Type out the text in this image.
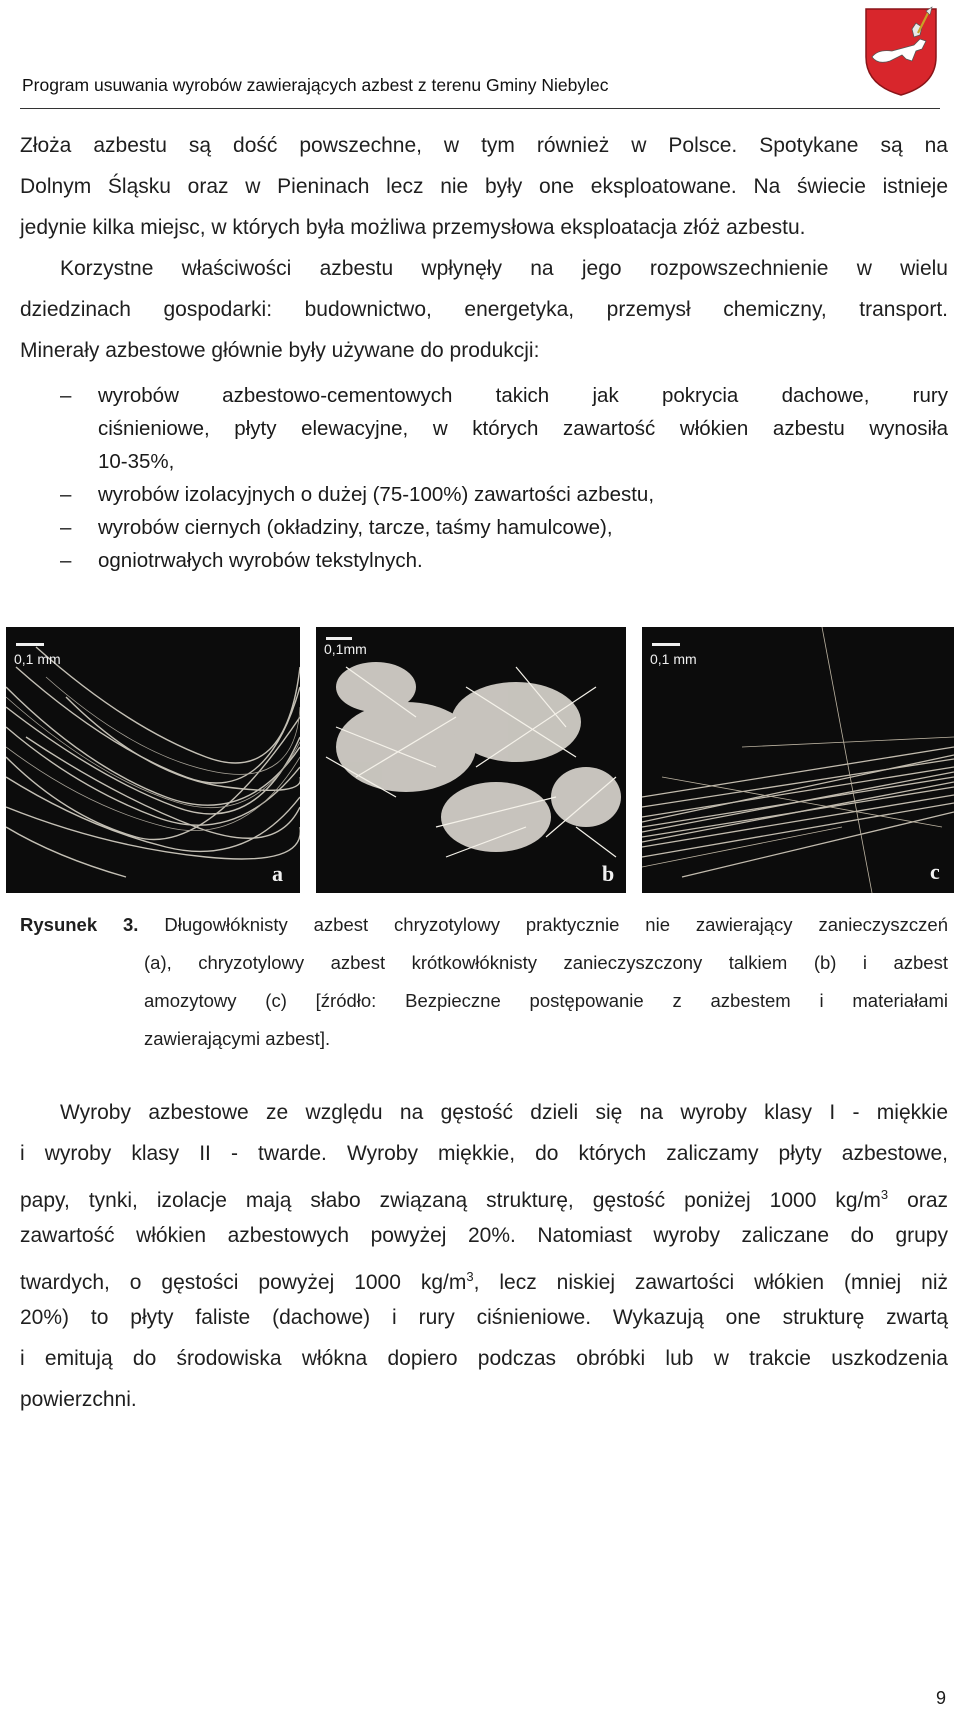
Program usuwania wyrobów zawierających azbest z terenu Gminy Niebylec
Złoża azbestu są dość powszechne, w tym również w Polsce. Spotykane są na
Dolnym Śląsku oraz w Pieninach lecz nie były one eksploatowane. Na świecie istnieje
jedynie kilka miejsc, w których była możliwa przemysłowa eksploatacja złóż azbestu.
Korzystne właściwości azbestu wpłynęły na jego rozpowszechnienie w wielu
dziedzinach gospodarki: budownictwo, energetyka, przemysł chemiczny, transport.
Minerały azbestowe głównie były używane do produkcji:
– wyrobów azbestowo-cementowych takich jak pokrycia dachowe, rury
ciśnieniowe, płyty elewacyjne, w których zawartość włókien azbestu wynosiła
10-35%,
– wyrobów izolacyjnych o dużej (75-100%) zawartości azbestu,
– wyrobów ciernych (okładziny, tarcze, taśmy hamulcowe),
– ogniotrwałych wyrobów tekstylnych.
0,1 mm
a
0,1mm
b
0,1 mm
c
Rysunek 3. Długowłóknisty azbest chryzotylowy praktycznie nie zawierający zanieczyszczeń
(a), chryzotylowy azbest krótkowłóknisty zanieczyszczony talkiem (b) i azbest
amozytowy (c) [źródło: Bezpieczne postępowanie z azbestem i materiałami
zawierającymi azbest].
Wyroby azbestowe ze względu na gęstość dzieli się na wyroby klasy I - miękkie
i wyroby klasy II - twarde. Wyroby miękkie, do których zaliczamy płyty azbestowe,
papy, tynki, izolacje mają słabo związaną strukturę, gęstość poniżej 1000 $kg/m^3$ oraz
zawartość włókien azbestowych powyżej 20%. Natomiast wyroby zaliczane do grupy
twardych, o gęstości powyżej 1000 $kg/m^3$, lecz niskiej zawartości włókien (mniej niż
20%) to płyty faliste (dachowe) i rury ciśnieniowe. Wykazują one strukturę zwartą
i emitują do środowiska włókna dopiero podczas obróbki lub w trakcie uszkodzenia
powierzchni.
9
